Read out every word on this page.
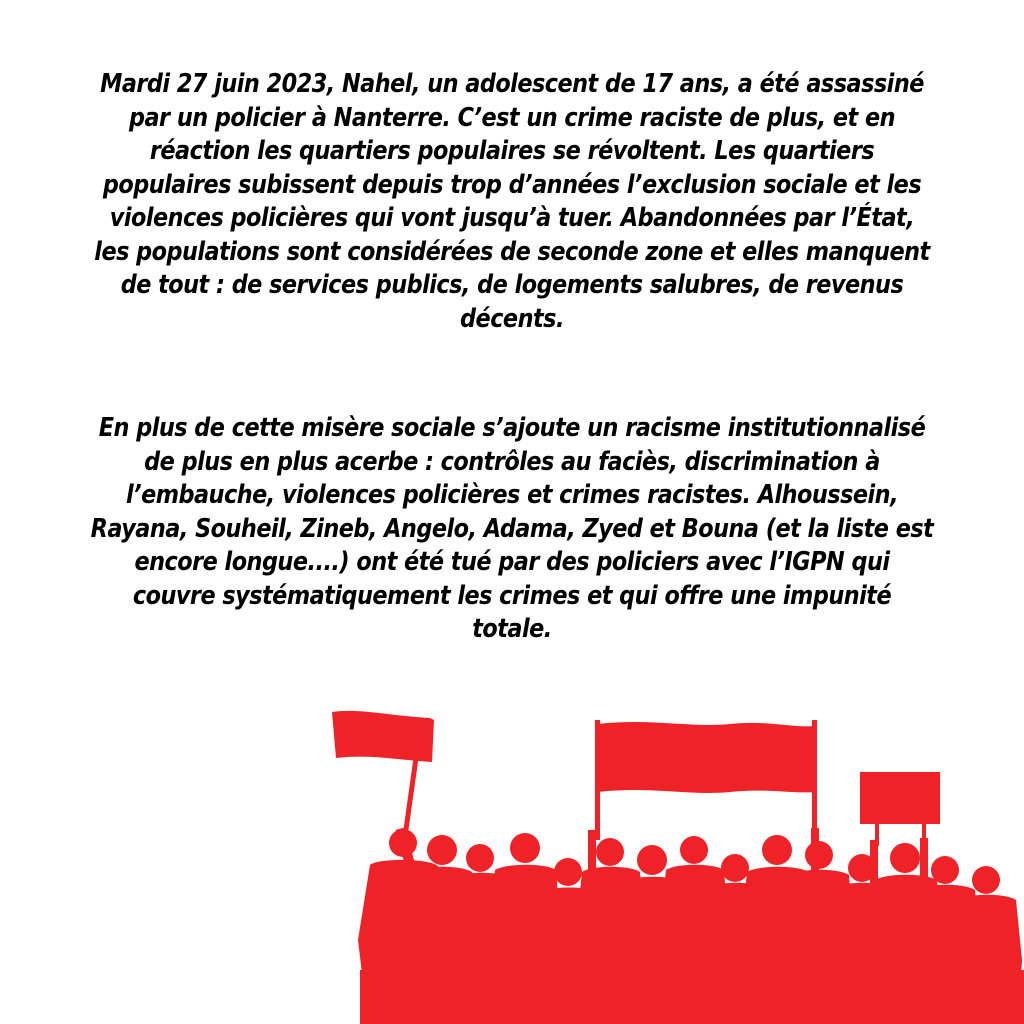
Mardi 27 juin 2023, Nahel, un adolescent de 17 ans, a été assassiné
par un policier à Nanterre. C’est un crime raciste de plus, et en
réaction les quartiers populaires se révoltent. Les quartiers
populaires subissent depuis trop d’années l’exclusion sociale et les
violences policières qui vont jusqu’à tuer. Abandonnées par l’État,
les populations sont considérées de seconde zone et elles manquent
de tout : de services publics, de logements salubres, de revenus
décents.
En plus de cette misère sociale s’ajoute un racisme institutionnalisé
de plus en plus acerbe : contrôles au faciès, discrimination à
l’embauche, violences policières et crimes racistes. Alhoussein,
Rayana, Souheil, Zineb, Angelo, Adama, Zyed et Bouna (et la liste est
encore longue....) ont été tué par des policiers avec l’IGPN qui
couvre systématiquement les crimes et qui offre une impunité
totale.
